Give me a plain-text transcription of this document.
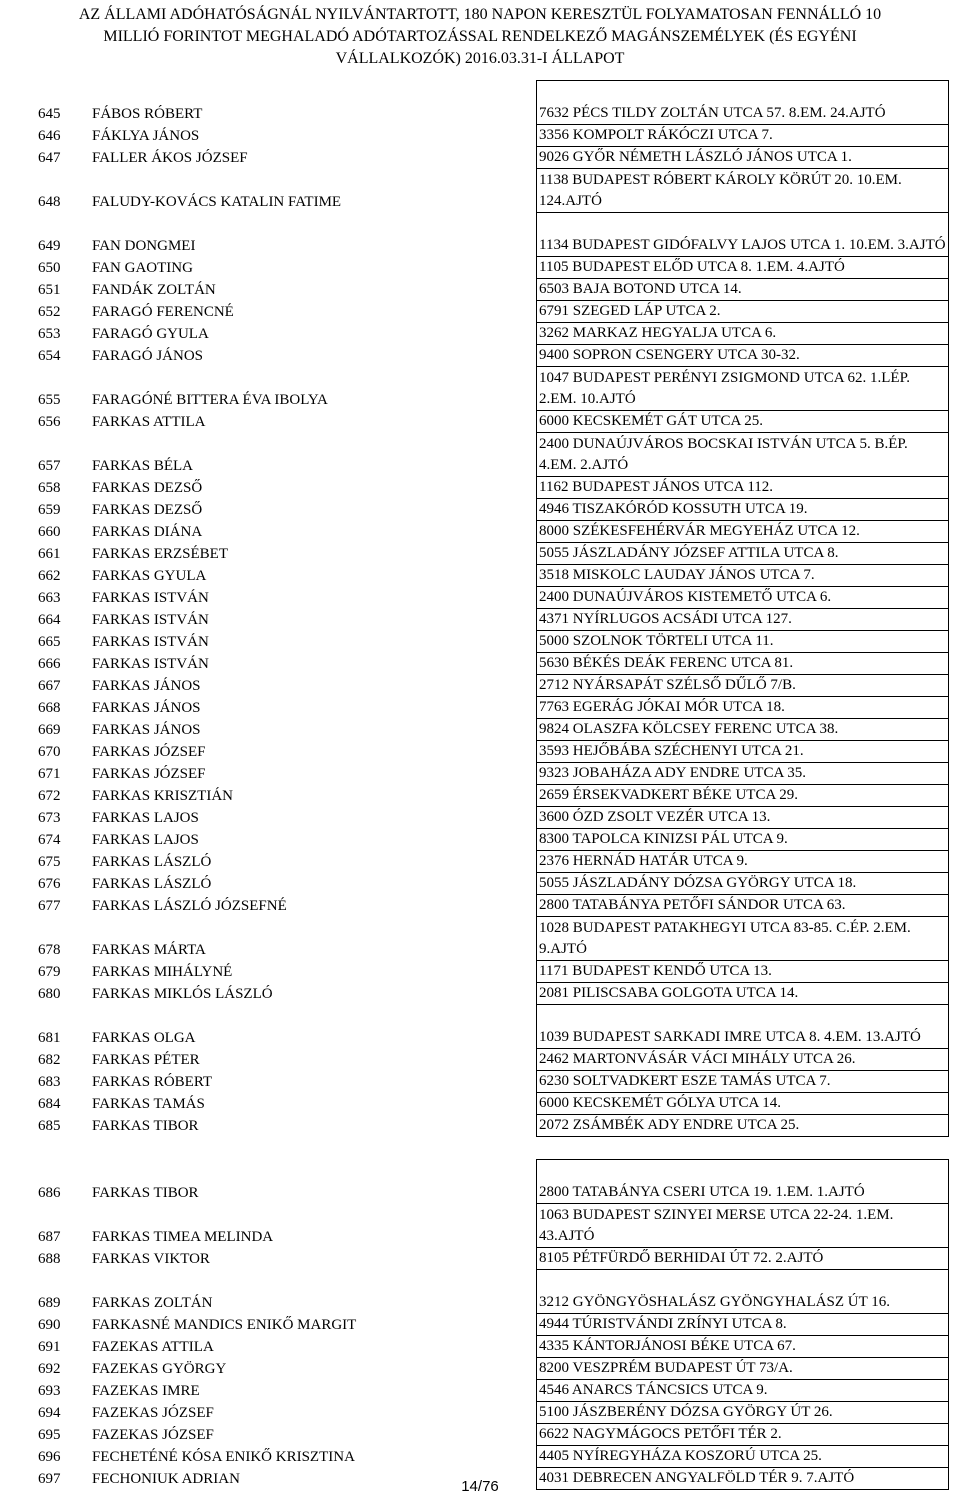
AZ ÁLLAMI ADÓHATÓSÁGNÁL NYILVÁNTARTOTT, 180 NAPON KERESZTÜL FOLYAMATOSAN FENNÁLLÓ 10
MILLIÓ FORINTOT MEGHALADÓ ADÓTARTOZÁSSAL RENDELKEZŐ MAGÁNSZEMÉLYEK (ÉS EGYÉNI
VÁLLALKOZÓK) 2016.03.31-I ÁLLAPOT
645	FÁBOS RÓBERT	7632 PÉCS TILDY ZOLTÁN UTCA 57. 8.EM. 24.AJTÓ
646	FÁKLYA JÁNOS	3356 KOMPOLT RÁKÓCZI UTCA 7.
647	FALLER ÁKOS JÓZSEF	9026 GYŐR NÉMETH LÁSZLÓ JÁNOS UTCA 1.
648	FALUDY-KOVÁCS KATALIN FATIME	1138 BUDAPEST RÓBERT KÁROLY KÖRÚT 20. 10.EM. 124.AJTÓ
649	FAN DONGMEI	1134 BUDAPEST GIDÓFALVY LAJOS UTCA 1. 10.EM. 3.AJTÓ
650	FAN GAOTING	1105 BUDAPEST ELŐD UTCA 8. 1.EM. 4.AJTÓ
651	FANDÁK ZOLTÁN	6503 BAJA BOTOND UTCA 14.
652	FARAGÓ FERENCNÉ	6791 SZEGED LÁP UTCA 2.
653	FARAGÓ GYULA	3262 MARKAZ HEGYALJA UTCA 6.
654	FARAGÓ JÁNOS	9400 SOPRON CSENGERY UTCA 30-32.
655	FARAGÓNÉ BITTERA ÉVA IBOLYA	1047 BUDAPEST PERÉNYI ZSIGMOND UTCA 62. 1.LÉP. 2.EM. 10.AJTÓ
656	FARKAS ATTILA	6000 KECSKEMÉT GÁT UTCA 25.
657	FARKAS BÉLA	2400 DUNAÚJVÁROS BOCSKAI ISTVÁN UTCA 5. B.ÉP. 4.EM. 2.AJTÓ
658	FARKAS DEZSŐ	1162 BUDAPEST JÁNOS UTCA 112.
659	FARKAS DEZSŐ	4946 TISZAKÓRÓD KOSSUTH UTCA 19.
660	FARKAS DIÁNA	8000 SZÉKESFEHÉRVÁR MEGYEHÁZ UTCA 12.
661	FARKAS ERZSÉBET	5055 JÁSZLADÁNY JÓZSEF ATTILA UTCA 8.
662	FARKAS GYULA	3518 MISKOLC LAUDAY JÁNOS UTCA 7.
663	FARKAS ISTVÁN	2400 DUNAÚJVÁROS KISTEMETŐ UTCA 6.
664	FARKAS ISTVÁN	4371 NYÍRLUGOS ACSÁDI UTCA 127.
665	FARKAS ISTVÁN	5000 SZOLNOK TÖRTELI UTCA 11.
666	FARKAS ISTVÁN	5630 BÉKÉS DEÁK FERENC UTCA 81.
667	FARKAS JÁNOS	2712 NYÁRSAPÁT SZÉLSŐ DŰLŐ 7/B.
668	FARKAS JÁNOS	7763 EGERÁG JÓKAI MÓR UTCA 18.
669	FARKAS JÁNOS	9824 OLASZFA KÖLCSEY FERENC UTCA 38.
670	FARKAS JÓZSEF	3593 HEJŐBÁBA SZÉCHENYI UTCA 21.
671	FARKAS JÓZSEF	9323 JOBAHÁZA ADY ENDRE UTCA 35.
672	FARKAS KRISZTIÁN	2659 ÉRSEKVADKERT BÉKE UTCA 29.
673	FARKAS LAJOS	3600 ÓZD ZSOLT VEZÉR UTCA 13.
674	FARKAS LAJOS	8300 TAPOLCA KINIZSI PÁL UTCA 9.
675	FARKAS LÁSZLÓ	2376 HERNÁD HATÁR UTCA 9.
676	FARKAS LÁSZLÓ	5055 JÁSZLADÁNY DÓZSA GYÖRGY UTCA 18.
677	FARKAS LÁSZLÓ JÓZSEFNÉ	2800 TATABÁNYA PETŐFI SÁNDOR UTCA 63.
678	FARKAS MÁRTA	1028 BUDAPEST PATAKHEGYI UTCA 83-85. C.ÉP. 2.EM. 9.AJTÓ
679	FARKAS MIHÁLYNÉ	1171 BUDAPEST KENDŐ UTCA 13.
680	FARKAS MIKLÓS LÁSZLÓ	2081 PILISCSABA GOLGOTA UTCA 14.
681	FARKAS OLGA	1039 BUDAPEST SARKADI IMRE UTCA 8. 4.EM. 13.AJTÓ
682	FARKAS PÉTER	2462 MARTONVÁSÁR VÁCI MIHÁLY UTCA 26.
683	FARKAS RÓBERT	6230 SOLTVADKERT ESZE TAMÁS UTCA 7.
684	FARKAS TAMÁS	6000 KECSKEMÉT GÓLYA UTCA 14.
685	FARKAS TIBOR	2072 ZSÁMBÉK ADY ENDRE UTCA 25.

686	FARKAS TIBOR	2800 TATABÁNYA CSERI UTCA 19. 1.EM. 1.AJTÓ
687	FARKAS TIMEA MELINDA	1063 BUDAPEST SZINYEI MERSE UTCA 22-24. 1.EM. 43.AJTÓ
688	FARKAS VIKTOR	8105 PÉTFÜRDŐ BERHIDAI ÚT 72. 2.AJTÓ
689	FARKAS ZOLTÁN	3212 GYÖNGYÖSHALÁSZ GYÖNGYHALÁSZ ÚT 16.
690	FARKASNÉ MANDICS ENIKŐ MARGIT	4944 TÚRISTVÁNDI ZRÍNYI UTCA 8.
691	FAZEKAS ATTILA	4335 KÁNTORJÁNOSI BÉKE UTCA 67.
692	FAZEKAS GYÖRGY	8200 VESZPRÉM BUDAPEST ÚT 73/A.
693	FAZEKAS IMRE	4546 ANARCS TÁNCSICS UTCA 9.
694	FAZEKAS JÓZSEF	5100 JÁSZBERÉNY DÓZSA GYÖRGY ÚT 26.
695	FAZEKAS JÓZSEF	6622 NAGYMÁGOCS PETŐFI TÉR 2.
696	FECHETÉNÉ KÓSA ENIKŐ KRISZTINA	4405 NYÍREGYHÁZA KOSZORÚ UTCA 25.
697	FECHONIUK ADRIAN	4031 DEBRECEN ANGYALFÖLD TÉR 9. 7.AJTÓ
14/76
